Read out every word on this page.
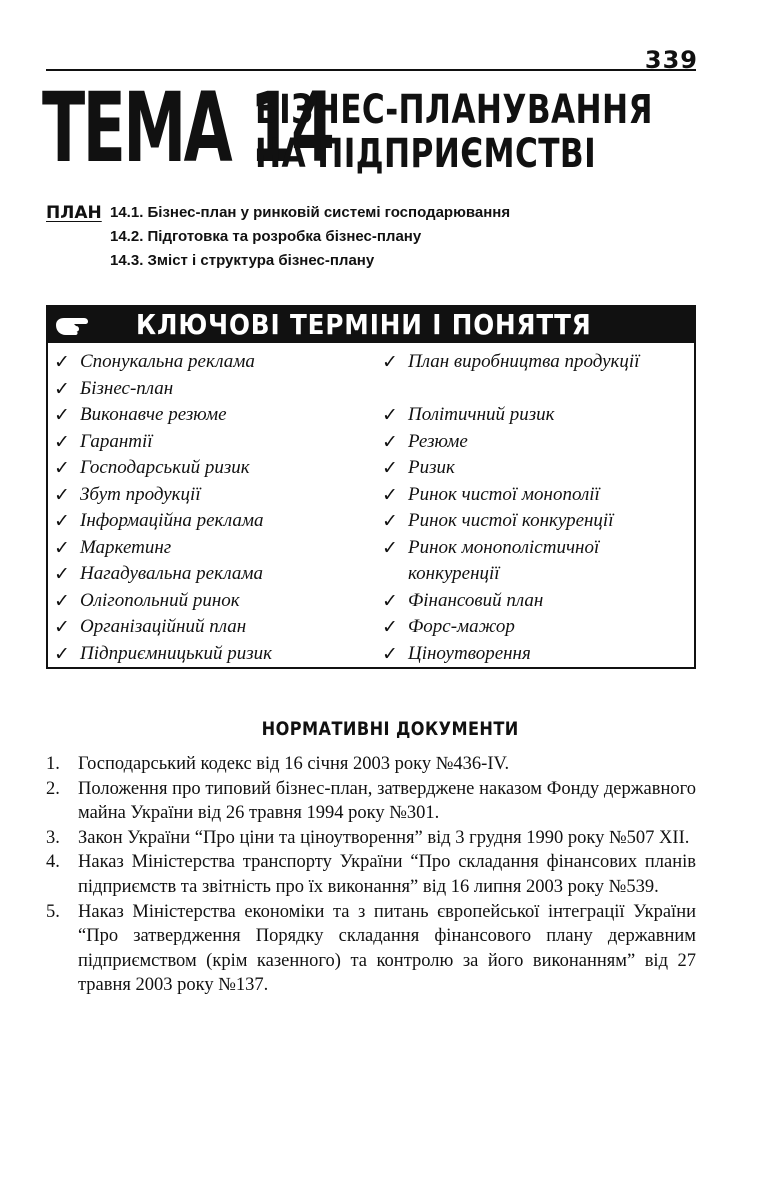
339
ТЕМА 14
БІЗНЕС-ПЛАНУВАННЯ
НА ПІДПРИЄМСТВІ
ПЛАН 14.1. Бізнес-план у ринковій системі господарювання
14.2. Підготовка та розробка бізнес-плану
14.3. Зміст і структура бізнес-плану
КЛЮЧОВІ ТЕРМІНИ І ПОНЯТТЯ
✓ Спонукальна реклама
✓ Бізнес-план
✓ Виконавче резюме
✓ Гарантії
✓ Господарський ризик
✓ Збут продукції
✓ Інформаційна реклама
✓ Маркетинг
✓ Нагадувальна реклама
✓ Олігопольний ринок
✓ Організаційний план
✓ Підприємницький ризик
✓ План виробництва продукції
✓ Політичний ризик
✓ Резюме
✓ Ризик
✓ Ринок чистої монополії
✓ Ринок чистої конкуренції
✓ Ринок монополістичної конкуренції
✓ Фінансовий план
✓ Форс-мажор
✓ Ціноутворення
НОРМАТИВНІ ДОКУМЕНТИ
1. Господарський кодекс від 16 січня 2003 року №436-IV.
2. Положення про типовий бізнес-план, затверджене наказом Фонду державного майна України від 26 травня 1994 року №301.
3. Закон України “Про ціни та ціноутворення” від 3 грудня 1990 року №507 XII.
4. Наказ Міністерства транспорту України “Про складання фінансових планів підприємств та звітність про їх виконання” від 16 липня 2003 року №539.
5. Наказ Міністерства економіки та з питань європейської інтеграції України “Про затвердження Порядку складання фінансового плану державним підприємством (крім казенного) та контролю за його виконанням” від 27 травня 2003 року №137.
